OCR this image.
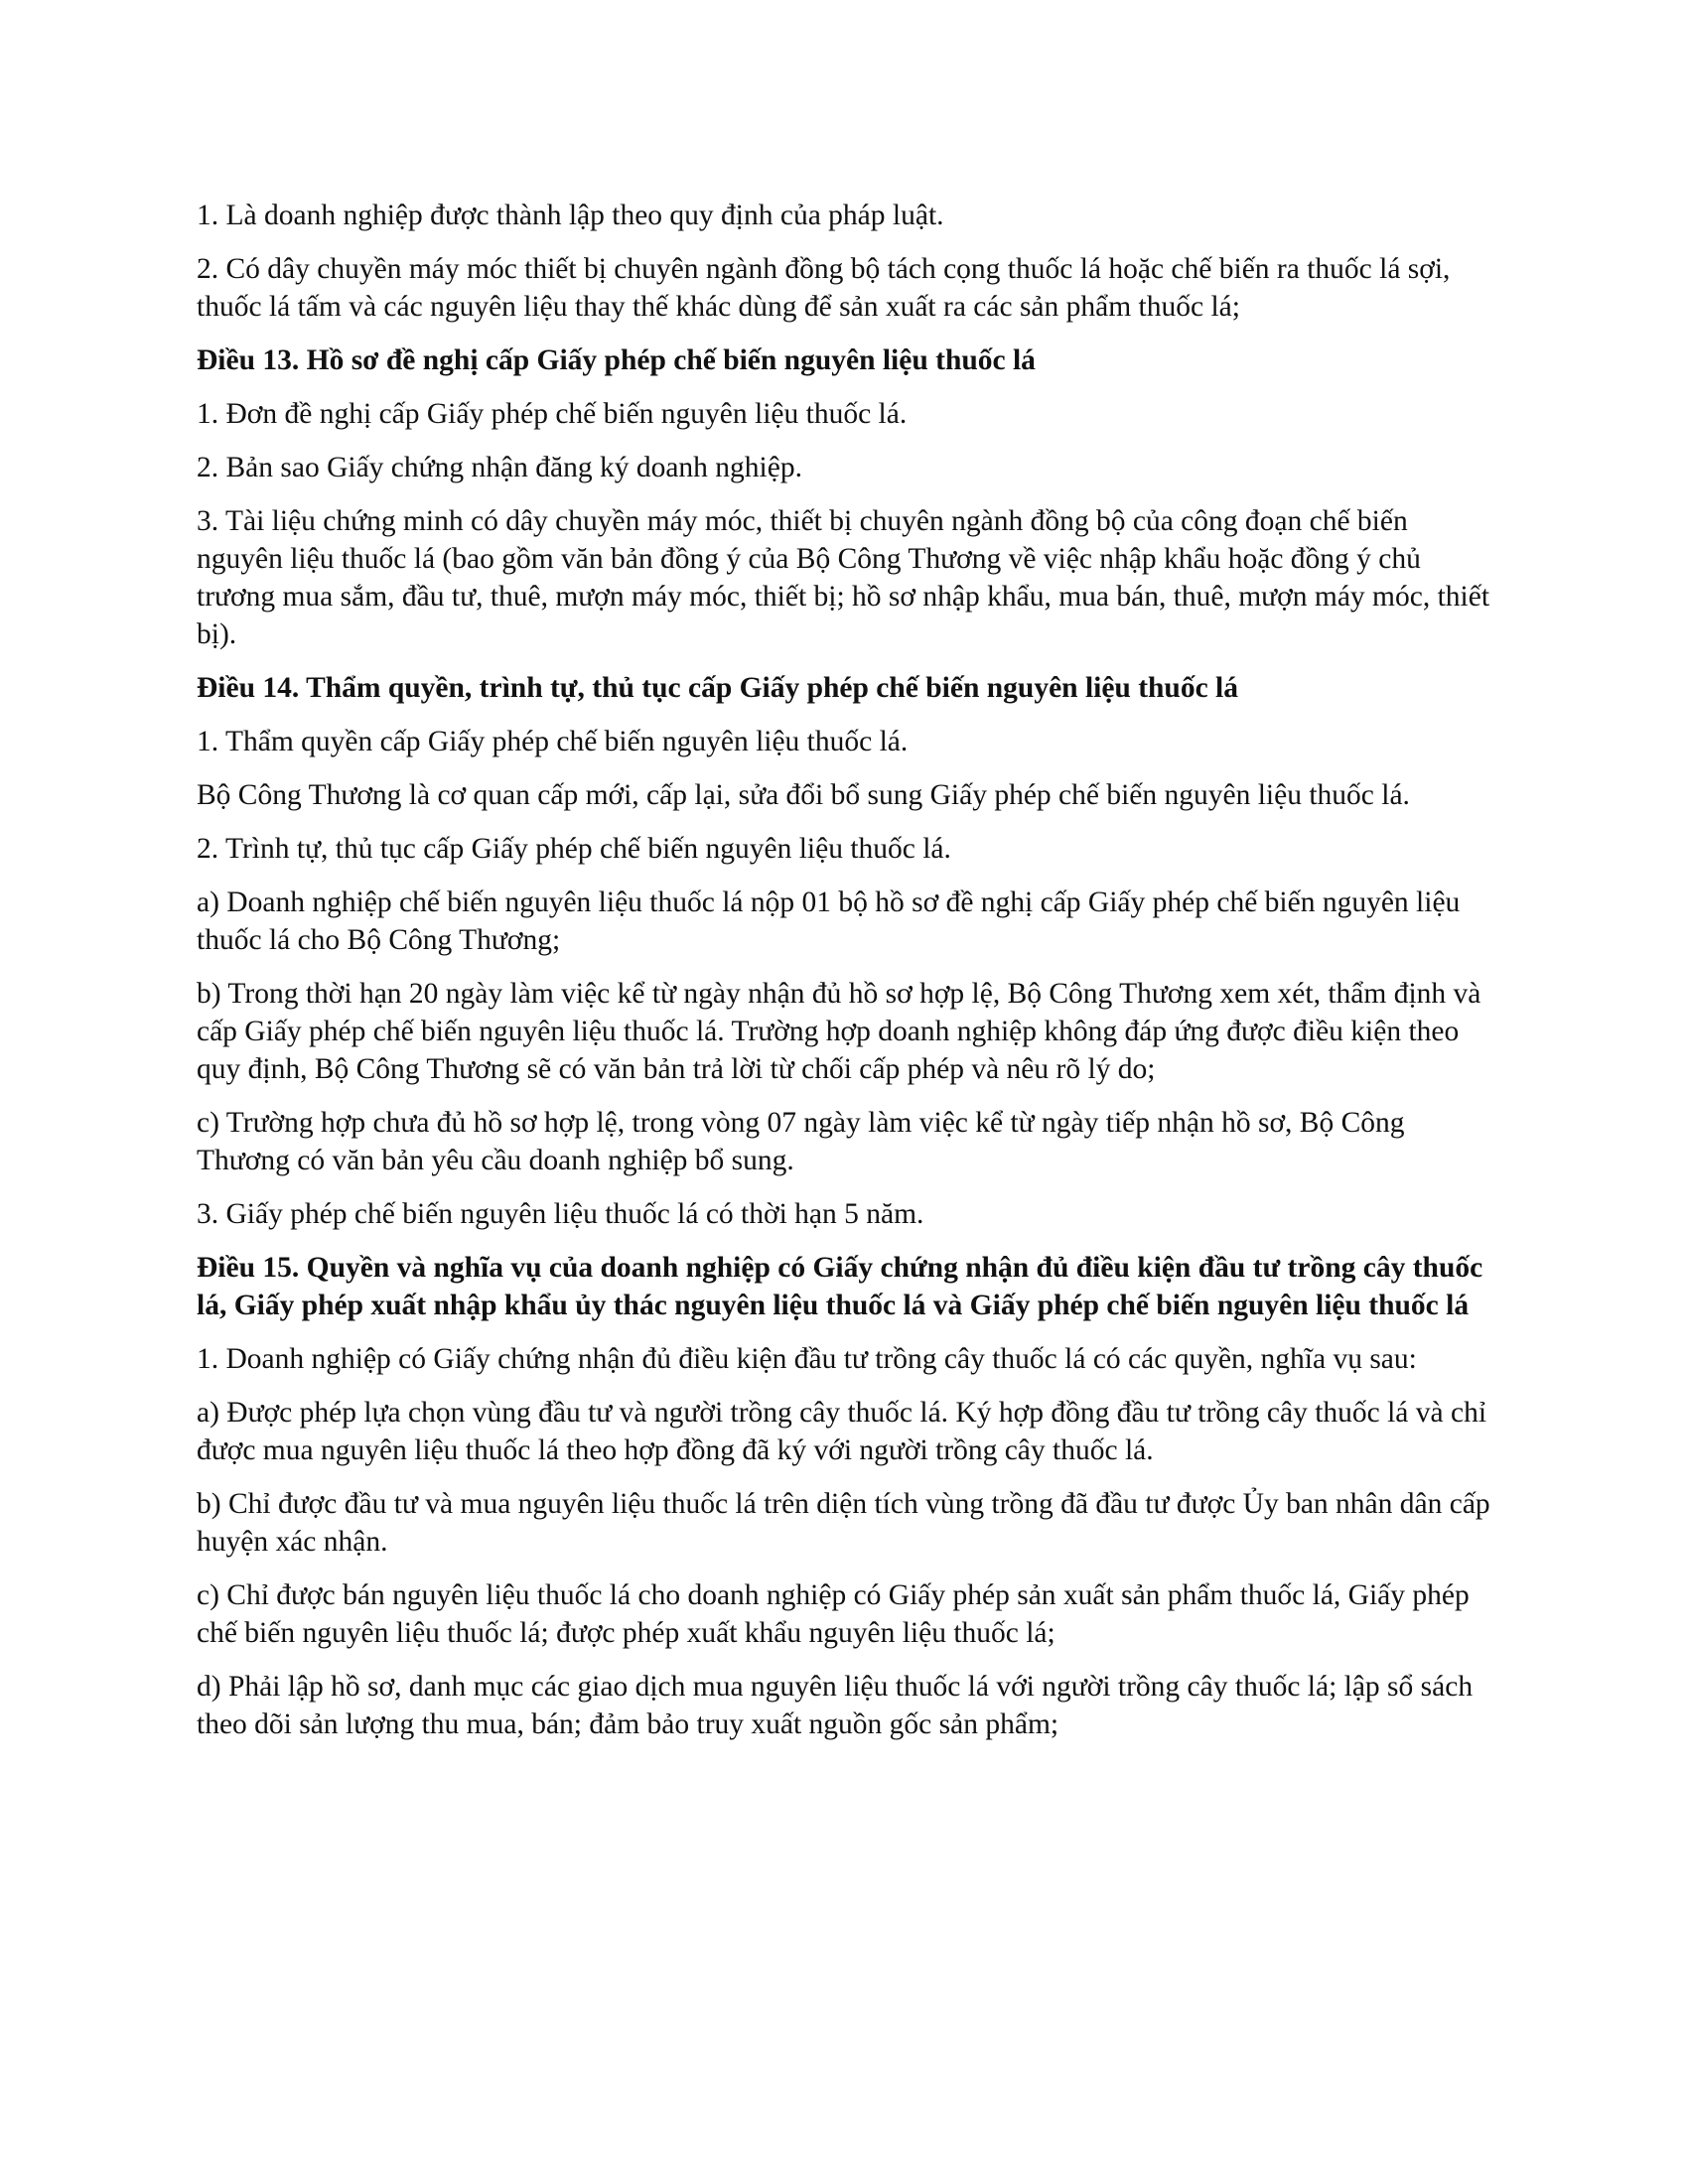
1. Là doanh nghiệp được thành lập theo quy định của pháp luật.

2. Có dây chuyền máy móc thiết bị chuyên ngành đồng bộ tách cọng thuốc lá hoặc chế biến ra thuốc lá sợi, thuốc lá tấm và các nguyên liệu thay thế khác dùng để sản xuất ra các sản phẩm thuốc lá;

Điều 13. Hồ sơ đề nghị cấp Giấy phép chế biến nguyên liệu thuốc lá

1. Đơn đề nghị cấp Giấy phép chế biến nguyên liệu thuốc lá.

2. Bản sao Giấy chứng nhận đăng ký doanh nghiệp.

3. Tài liệu chứng minh có dây chuyền máy móc, thiết bị chuyên ngành đồng bộ của công đoạn chế biến nguyên liệu thuốc lá (bao gồm văn bản đồng ý của Bộ Công Thương về việc nhập khẩu hoặc đồng ý chủ trương mua sắm, đầu tư, thuê, mượn máy móc, thiết bị; hồ sơ nhập khẩu, mua bán, thuê, mượn máy móc, thiết bị).

Điều 14. Thẩm quyền, trình tự, thủ tục cấp Giấy phép chế biến nguyên liệu thuốc lá

1. Thẩm quyền cấp Giấy phép chế biến nguyên liệu thuốc lá.

Bộ Công Thương là cơ quan cấp mới, cấp lại, sửa đổi bổ sung Giấy phép chế biến nguyên liệu thuốc lá.

2. Trình tự, thủ tục cấp Giấy phép chế biến nguyên liệu thuốc lá.

a) Doanh nghiệp chế biến nguyên liệu thuốc lá nộp 01 bộ hồ sơ đề nghị cấp Giấy phép chế biến nguyên liệu thuốc lá cho Bộ Công Thương;

b) Trong thời hạn 20 ngày làm việc kể từ ngày nhận đủ hồ sơ hợp lệ, Bộ Công Thương xem xét, thẩm định và cấp Giấy phép chế biến nguyên liệu thuốc lá. Trường hợp doanh nghiệp không đáp ứng được điều kiện theo quy định, Bộ Công Thương sẽ có văn bản trả lời từ chối cấp phép và nêu rõ lý do;

c) Trường hợp chưa đủ hồ sơ hợp lệ, trong vòng 07 ngày làm việc kể từ ngày tiếp nhận hồ sơ, Bộ Công Thương có văn bản yêu cầu doanh nghiệp bổ sung.

3. Giấy phép chế biến nguyên liệu thuốc lá có thời hạn 5 năm.

Điều 15. Quyền và nghĩa vụ của doanh nghiệp có Giấy chứng nhận đủ điều kiện đầu tư trồng cây thuốc lá, Giấy phép xuất nhập khẩu ủy thác nguyên liệu thuốc lá và Giấy phép chế biến nguyên liệu thuốc lá

1. Doanh nghiệp có Giấy chứng nhận đủ điều kiện đầu tư trồng cây thuốc lá có các quyền, nghĩa vụ sau:

a) Được phép lựa chọn vùng đầu tư và người trồng cây thuốc lá. Ký hợp đồng đầu tư trồng cây thuốc lá và chỉ được mua nguyên liệu thuốc lá theo hợp đồng đã ký với người trồng cây thuốc lá.

b) Chỉ được đầu tư và mua nguyên liệu thuốc lá trên diện tích vùng trồng đã đầu tư được Ủy ban nhân dân cấp huyện xác nhận.

c) Chỉ được bán nguyên liệu thuốc lá cho doanh nghiệp có Giấy phép sản xuất sản phẩm thuốc lá, Giấy phép chế biến nguyên liệu thuốc lá; được phép xuất khẩu nguyên liệu thuốc lá;

d) Phải lập hồ sơ, danh mục các giao dịch mua nguyên liệu thuốc lá với người trồng cây thuốc lá; lập sổ sách theo dõi sản lượng thu mua, bán; đảm bảo truy xuất nguồn gốc sản phẩm;
